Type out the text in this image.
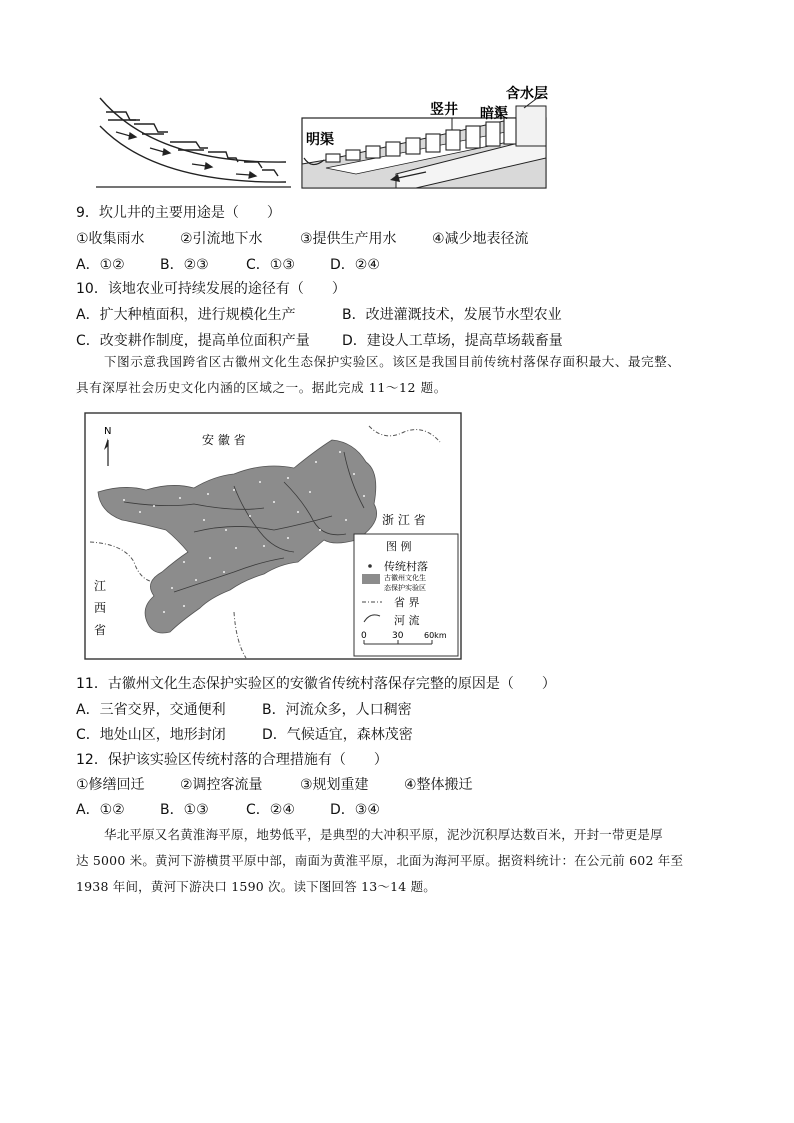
明渠
竖井 暗渠
含水层
9．坎儿井的主要用途是（　　）
①收集雨水	②引流地下水	③提供生产用水	④减少地表径流
A．①②	B．②③	C．①③	D．②④
10．该地农业可持续发展的途径有（　　）
A．扩大种植面积，进行规模化生产	B．改进灌溉技术，发展节水型农业
C．改变耕作制度，提高单位面积产量 D．建设人工草场，提高草场载畜量
下图示意我国跨省区古徽州文化生态保护实验区。该区是我国目前传统村落保存面积最大、最完整、
具有深厚社会历史文化内涵的区域之一。据此完成 11～12 题。
N
安 徽 省
浙 江 省
江
西
省
图 例
传统村落
古徽州文化生
态保护实验区
省 界
河 流
0	30	60km
11．古徽州文化生态保护实验区的安徽省传统村落保存完整的原因是（　　）
A．三省交界，交通便利	B．河流众多，人口稠密
C．地处山区，地形封闭	D．气候适宜，森林茂密
12．保护该实验区传统村落的合理措施有（　　）
①修缮回迁	②调控客流量	③规划重建	④整体搬迁
A．①②	B．①③	C．②④	D．③④
华北平原又名黄淮海平原，地势低平，是典型的大冲积平原，泥沙沉积厚达数百米，开封一带更是厚
达 5000 米。黄河下游横贯平原中部，南面为黄淮平原，北面为海河平原。据资料统计：在公元前 602 年至
1938 年间，黄河下游决口 1590 次。读下图回答 13～14 题。
